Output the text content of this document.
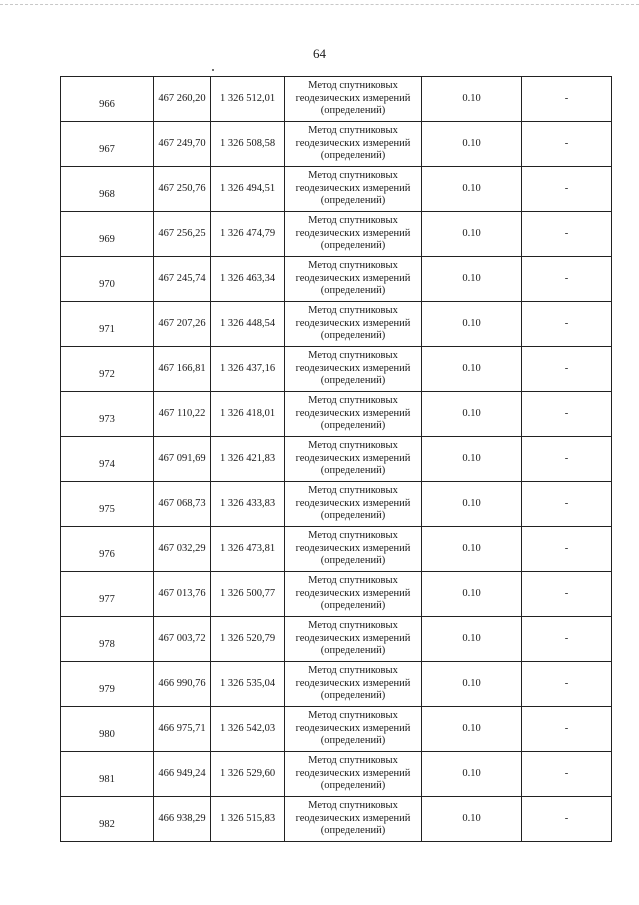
64
966	467 260,20	1 326 512,01	Метод спутниковых геодезических измерений (определений)	0.10	-

967	467 249,70	1 326 508,58	Метод спутниковых геодезических измерений (определений)	0.10	-

968	467 250,76	1 326 494,51	Метод спутниковых геодезических измерений (определений)	0.10	-

969	467 256,25	1 326 474,79	Метод спутниковых геодезических измерений (определений)	0.10	-

970	467 245,74	1 326 463,34	Метод спутниковых геодезических измерений (определений)	0.10	-

971	467 207,26	1 326 448,54	Метод спутниковых геодезических измерений (определений)	0.10	-

972	467 166,81	1 326 437,16	Метод спутниковых геодезических измерений (определений)	0.10	-

973	467 110,22	1 326 418,01	Метод спутниковых геодезических измерений (определений)	0.10	-

974	467 091,69	1 326 421,83	Метод спутниковых геодезических измерений (определений)	0.10	-

975	467 068,73	1 326 433,83	Метод спутниковых геодезических измерений (определений)	0.10	-

976	467 032,29	1 326 473,81	Метод спутниковых геодезических измерений (определений)	0.10	-

977	467 013,76	1 326 500,77	Метод спутниковых геодезических измерений (определений)	0.10	-

978	467 003,72	1 326 520,79	Метод спутниковых геодезических измерений (определений)	0.10	-

979	466 990,76	1 326 535,04	Метод спутниковых геодезических измерений (определений)	0.10	-

980	466 975,71	1 326 542,03	Метод спутниковых геодезических измерений (определений)	0.10	-

981	466 949,24	1 326 529,60	Метод спутниковых геодезических измерений (определений)	0.10	-

982	466 938,29	1 326 515,83	Метод спутниковых геодезических измерений (определений)	0.10	-
